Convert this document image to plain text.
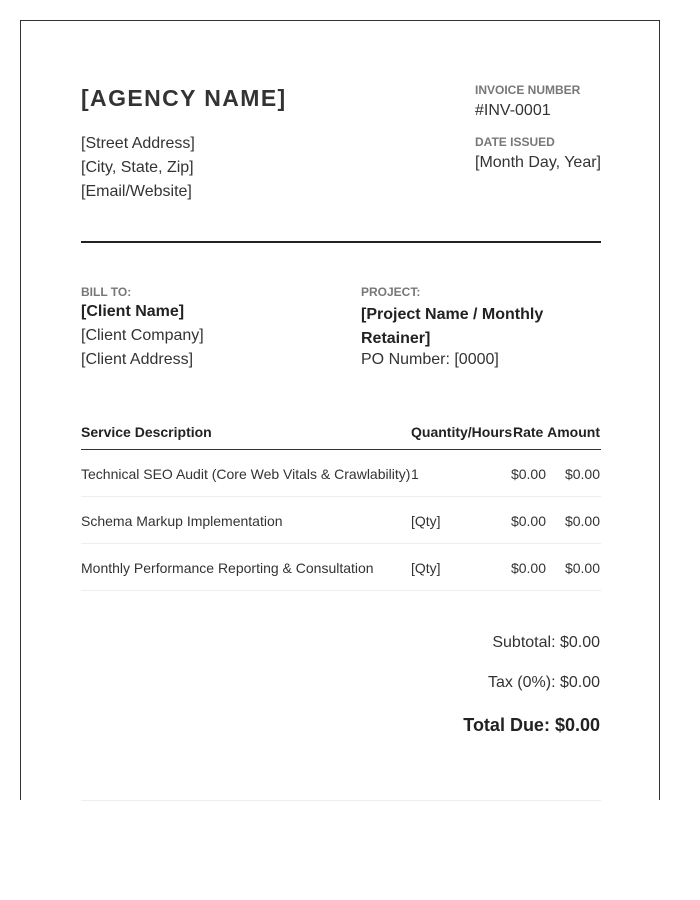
[AGENCY NAME]
[Street Address]
[City, State, Zip]
[Email/Website]
INVOICE NUMBER
#INV-0001
DATE ISSUED
[Month Day, Year]
BILL TO:
[Client Name]
[Client Company]
[Client Address]
PROJECT:
[Project Name / Monthly Retainer]
PO Number: [0000]
Service Description	Quantity/Hours Rate Amount
Technical SEO Audit (Core Web Vitals & Crawlability) 1	$0.00 $0.00
Schema Markup Implementation	[Qty]	$0.00 $0.00
Monthly Performance Reporting & Consultation	[Qty]	$0.00 $0.00
Subtotal: $0.00
Tax (0%): $0.00
Total Due: $0.00
